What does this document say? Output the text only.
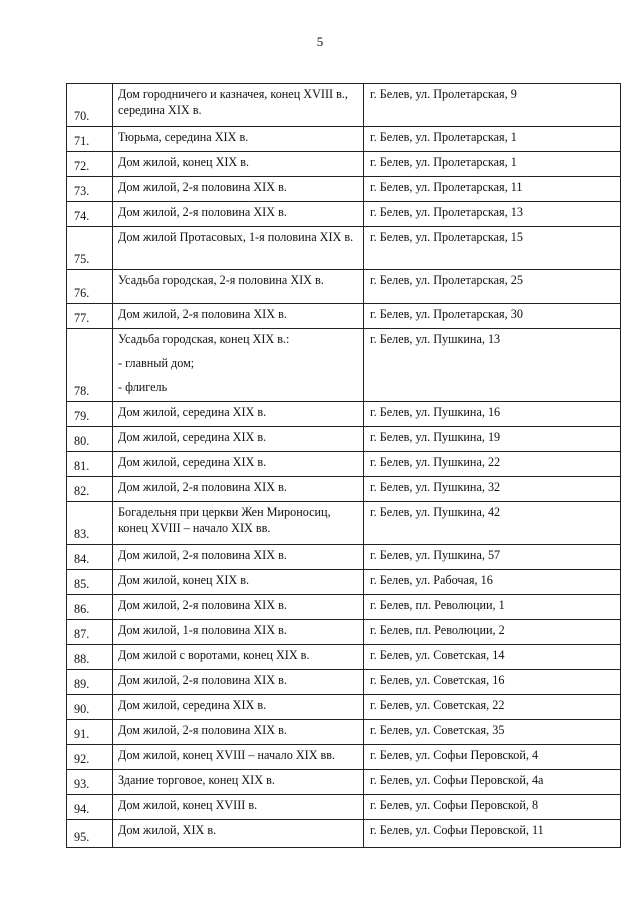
5
70.	Дом городничего и казначея, конец XVIII в., середина XIX в.	г. Белев, ул. Пролетарская, 9
71.	Тюрьма, середина XIX в.	г. Белев, ул. Пролетарская, 1
72.	Дом жилой, конец XIX в.	г. Белев, ул. Пролетарская, 1
73.	Дом жилой, 2-я половина XIX в.	г. Белев, ул. Пролетарская, 11
74.	Дом жилой, 2-я половина XIX в.	г. Белев, ул. Пролетарская, 13
75.	Дом жилой Протасовых, 1-я половина XIX в.	г. Белев, ул. Пролетарская, 15
76.	Усадьба городская, 2-я половина XIX в.	г. Белев, ул. Пролетарская, 25
77.	Дом жилой, 2-я половина XIX в.	г. Белев, ул. Пролетарская, 30
78.	Усадьба городская, конец XIX в.:
- главный дом;
- флигель	г. Белев, ул. Пушкина, 13
79.	Дом жилой, середина XIX в.	г. Белев, ул. Пушкина, 16
80.	Дом жилой, середина XIX в.	г. Белев, ул. Пушкина, 19
81.	Дом жилой, середина XIX в.	г. Белев, ул. Пушкина, 22
82.	Дом жилой, 2-я половина XIX в.	г. Белев, ул. Пушкина, 32
83.	Богадельня при церкви Жен Мироносиц, конец XVIII – начало XIX вв.	г. Белев, ул. Пушкина, 42
84.	Дом жилой, 2-я половина XIX в.	г. Белев, ул. Пушкина, 57
85.	Дом жилой, конец XIX в.	г. Белев, ул. Рабочая, 16
86.	Дом жилой, 2-я половина XIX в.	г. Белев, пл. Революции, 1
87.	Дом жилой, 1-я половина XIX в.	г. Белев, пл. Революции, 2
88.	Дом жилой с воротами, конец XIX в.	г. Белев, ул. Советская, 14
89.	Дом жилой, 2-я половина XIX в.	г. Белев, ул. Советская, 16
90.	Дом жилой, середина XIX в.	г. Белев, ул. Советская, 22
91.	Дом жилой, 2-я половина XIX в.	г. Белев, ул. Советская, 35
92.	Дом жилой, конец XVIII – начало XIX вв.	г. Белев, ул. Софьи Перовской, 4
93.	Здание торговое, конец XIX в.	г. Белев, ул. Софьи Перовской, 4а
94.	Дом жилой, конец XVIII в.	г. Белев, ул. Софьи Перовской, 8
95.	Дом жилой, XIX в.	г. Белев, ул. Софьи Перовской, 11
